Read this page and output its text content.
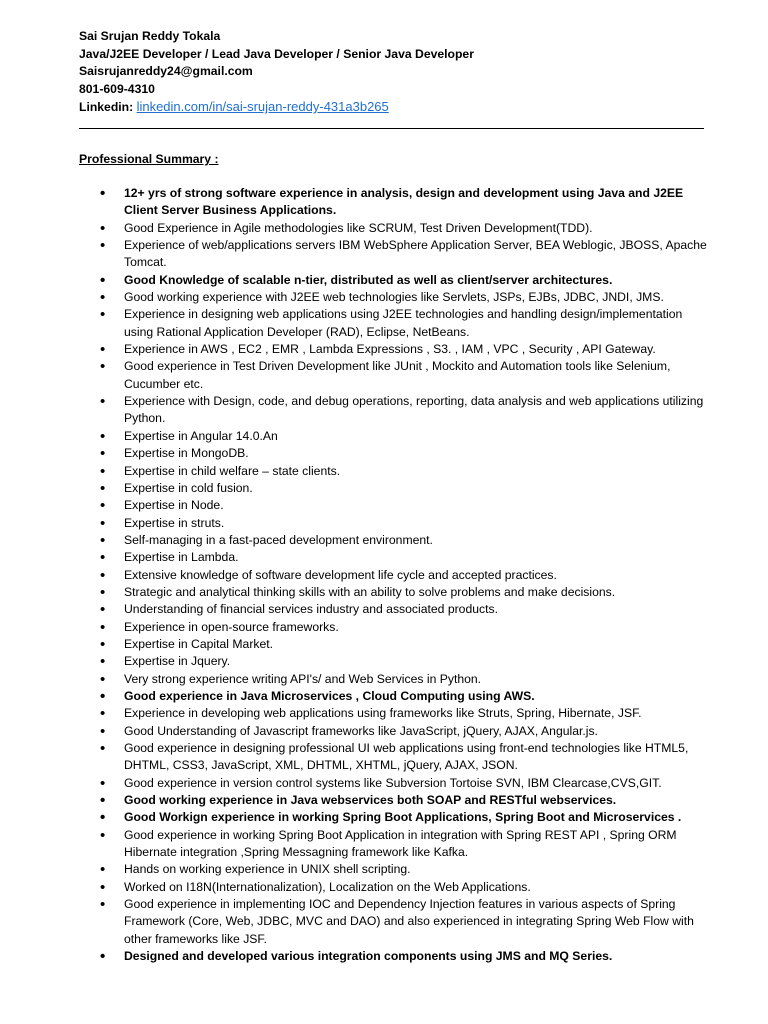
Sai Srujan Reddy Tokala
Java/J2EE Developer / Lead Java Developer / Senior Java Developer
Saisrujanreddy24@gmail.com
801-609-4310
Linkedin: linkedin.com/in/sai-srujan-reddy-431a3b265
Professional Summary :
• 12+ yrs of strong software experience in analysis, design and development using Java and J2EE Client Server Business Applications.
• Good Experience in Agile methodologies like SCRUM, Test Driven Development(TDD).
• Experience of web/applications servers IBM WebSphere Application Server, BEA Weblogic, JBOSS, Apache Tomcat.
• Good Knowledge of scalable n-tier, distributed as well as client/server architectures.
• Good working experience with J2EE web technologies like Servlets, JSPs, EJBs, JDBC, JNDI, JMS.
• Experience in designing web applications using J2EE technologies and handling design/implementation using Rational Application Developer (RAD), Eclipse, NetBeans.
• Experience in AWS , EC2 , EMR , Lambda Expressions , S3. , IAM , VPC , Security , API Gateway.
• Good experience in Test Driven Development like JUnit , Mockito and Automation tools like Selenium, Cucumber etc.
• Experience with Design, code, and debug operations, reporting, data analysis and web applications utilizing Python.
• Expertise in Angular 14.0.An
• Expertise in MongoDB.
• Expertise in child welfare – state clients.
• Expertise in cold fusion.
• Expertise in Node.
• Expertise in struts.
• Self-managing in a fast-paced development environment.
• Expertise in Lambda.
• Extensive knowledge of software development life cycle and accepted practices.
• Strategic and analytical thinking skills with an ability to solve problems and make decisions.
• Understanding of financial services industry and associated products.
• Experience in open-source frameworks.
• Expertise in Capital Market.
• Expertise in Jquery.
• Very strong experience writing API's/ and Web Services in Python.
• Good experience in Java Microservices , Cloud Computing using AWS.
• Experience in developing web applications using frameworks like Struts, Spring, Hibernate, JSF.
• Good Understanding of Javascript frameworks like JavaScript, jQuery, AJAX, Angular.js.
• Good experience in designing professional UI web applications using front-end technologies like HTML5, DHTML, CSS3, JavaScript, XML, DHTML, XHTML, jQuery, AJAX, JSON.
• Good experience in version control systems like Subversion Tortoise SVN, IBM Clearcase,CVS,GIT.
• Good working experience in Java webservices both SOAP and RESTful webservices.
• Good Workign experience in working Spring Boot Applications, Spring Boot and Microservices .
• Good experience in working Spring Boot Application in integration with Spring REST API , Spring ORM Hibernate integration ,Spring Messagning framework like Kafka.
• Hands on working experience in UNIX shell scripting.
• Worked on I18N(Internationalization), Localization on the Web Applications.
• Good experience in implementing IOC and Dependency Injection features in various aspects of Spring Framework (Core, Web, JDBC, MVC and DAO) and also experienced in integrating Spring Web Flow with other frameworks like JSF.
• Designed and developed various integration components using JMS and MQ Series.
